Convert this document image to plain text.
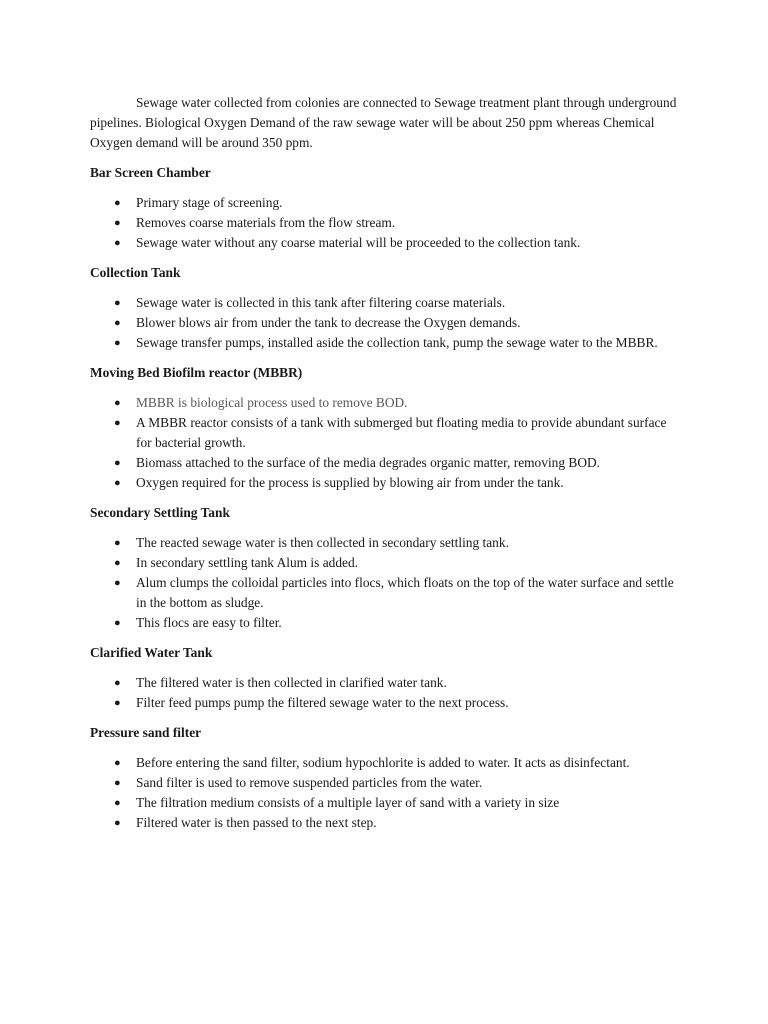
Sewage water collected from colonies are connected to Sewage treatment plant through underground pipelines. Biological Oxygen Demand of the raw sewage water will be about 250 ppm whereas Chemical Oxygen demand will be around 350 ppm.

Bar Screen Chamber
● Primary stage of screening.
● Removes coarse materials from the flow stream.
● Sewage water without any coarse material will be proceeded to the collection tank.
Collection Tank
● Sewage water is collected in this tank after filtering coarse materials.
● Blower blows air from under the tank to decrease the Oxygen demands.
● Sewage transfer pumps, installed aside the collection tank, pump the sewage water to the MBBR.
Moving Bed Biofilm reactor (MBBR)
● MBBR is biological process used to remove BOD.
● A MBBR reactor consists of a tank with submerged but floating media to provide abundant surface for bacterial growth.
● Biomass attached to the surface of the media degrades organic matter, removing BOD.
● Oxygen required for the process is supplied by blowing air from under the tank.
Secondary Settling Tank
● The reacted sewage water is then collected in secondary settling tank.
● In secondary settling tank Alum is added.
● Alum clumps the colloidal particles into flocs, which floats on the top of the water surface and settle in the bottom as sludge.
● This flocs are easy to filter.
Clarified Water Tank
● The filtered water is then collected in clarified water tank.
● Filter feed pumps pump the filtered sewage water to the next process.
Pressure sand filter
● Before entering the sand filter, sodium hypochlorite is added to water. It acts as disinfectant.
● Sand filter is used to remove suspended particles from the water.
● The filtration medium consists of a multiple layer of sand with a variety in size
● Filtered water is then passed to the next step.
